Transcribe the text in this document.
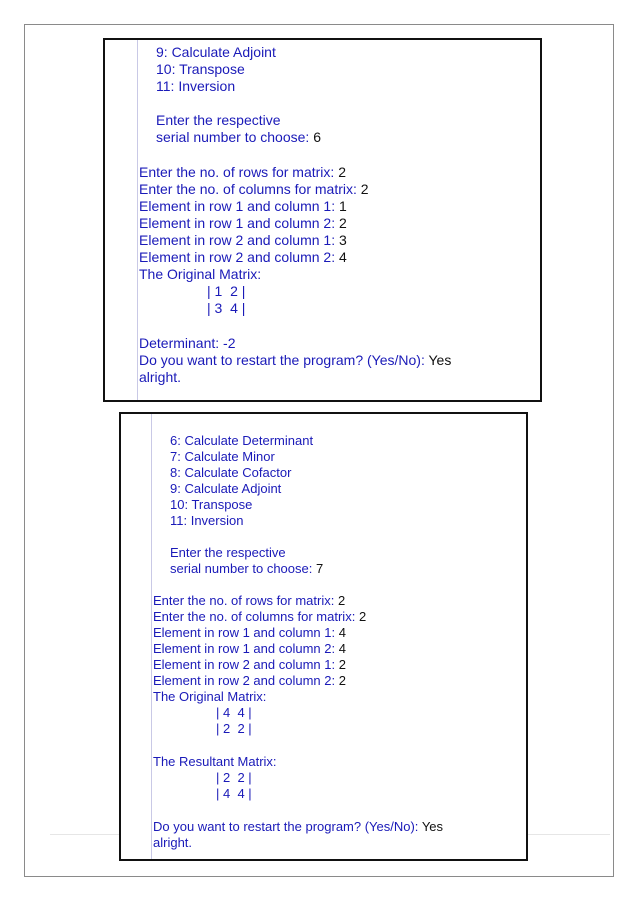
9: Calculate Adjoint
10: Transpose
11: Inversion
Enter the respective
serial number to choose: 6
Enter the no. of rows for matrix: 2
Enter the no. of columns for matrix: 2
Element in row 1 and column 1: 1
Element in row 1 and column 2: 2
Element in row 2 and column 1: 3
Element in row 2 and column 2: 4
The Original Matrix:
| 1  2 |
| 3  4 |
Determinant: -2
Do you want to restart the program? (Yes/No): Yes
alright.
6: Calculate Determinant
7: Calculate Minor
8: Calculate Cofactor
9: Calculate Adjoint
10: Transpose
11: Inversion
Enter the respective
serial number to choose: 7
Enter the no. of rows for matrix: 2
Enter the no. of columns for matrix: 2
Element in row 1 and column 1: 4
Element in row 1 and column 2: 4
Element in row 2 and column 1: 2
Element in row 2 and column 2: 2
The Original Matrix:
| 4  4 |
| 2  2 |
The Resultant Matrix:
| 2  2 |
| 4  4 |
Do you want to restart the program? (Yes/No): Yes
alright.
